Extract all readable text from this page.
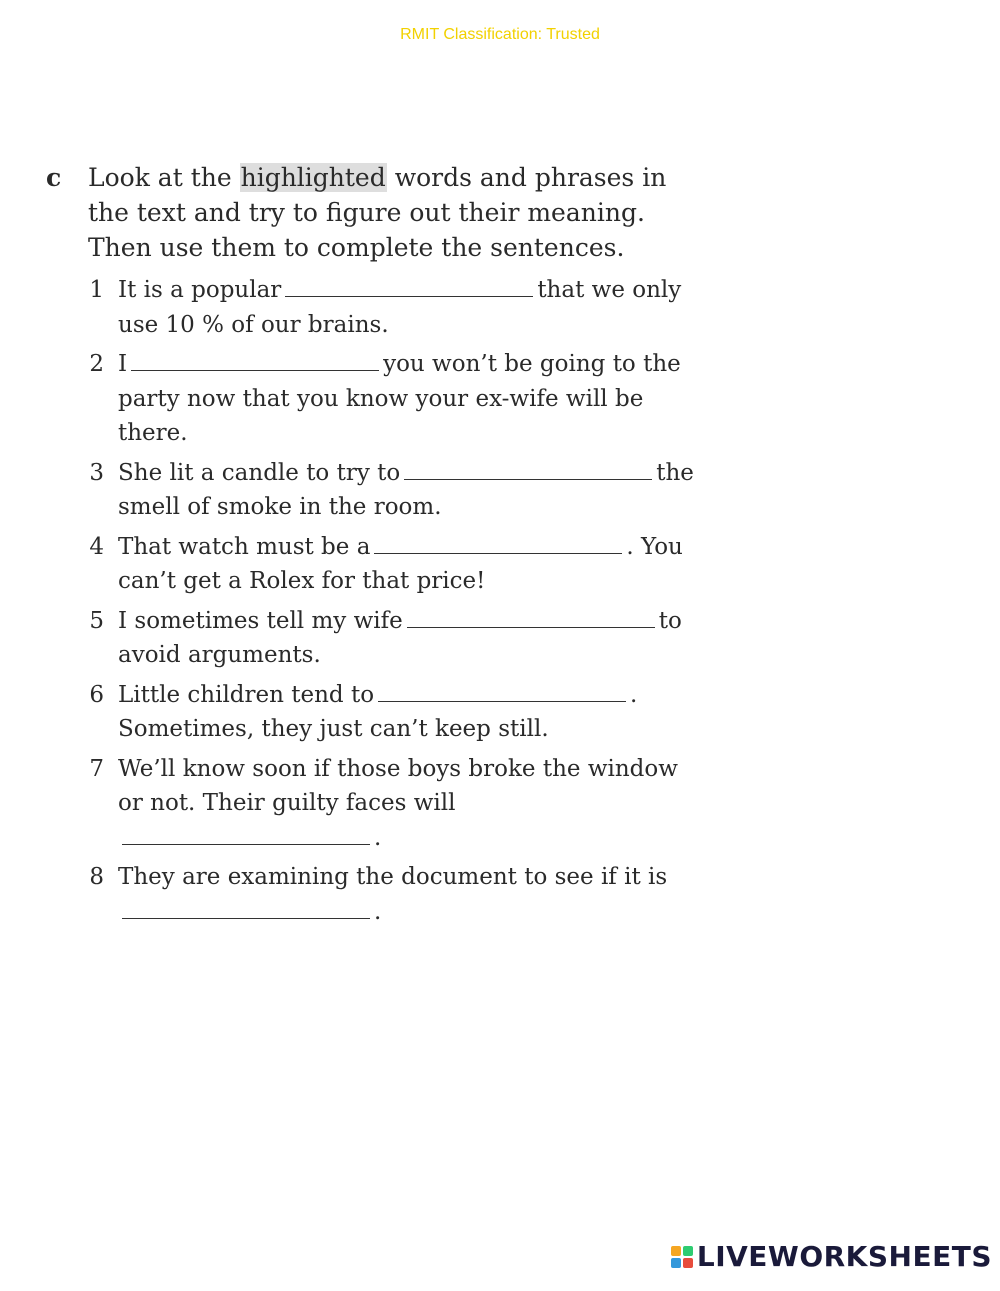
RMIT Classification: Trusted
c	Look at the highlighted words and phrases in the text and try to figure out their meaning. Then use them to complete the sentences.
1 It is a popular	that we only use 10 % of our brains.
2 I	you won’t be going to the party now that you know your ex-wife will be there.
3 She lit a candle to try to	the smell of smoke in the room.
4 That watch must be a	. You can’t get a Rolex for that price!
5 I sometimes tell my wife	to avoid arguments.
6 Little children tend to	. Sometimes, they just can’t keep still.
7 We’ll know soon if those boys broke the window or not. Their guilty faces will.
8 They are examining the document to see if it is.
LIVEWORKSHEETS
